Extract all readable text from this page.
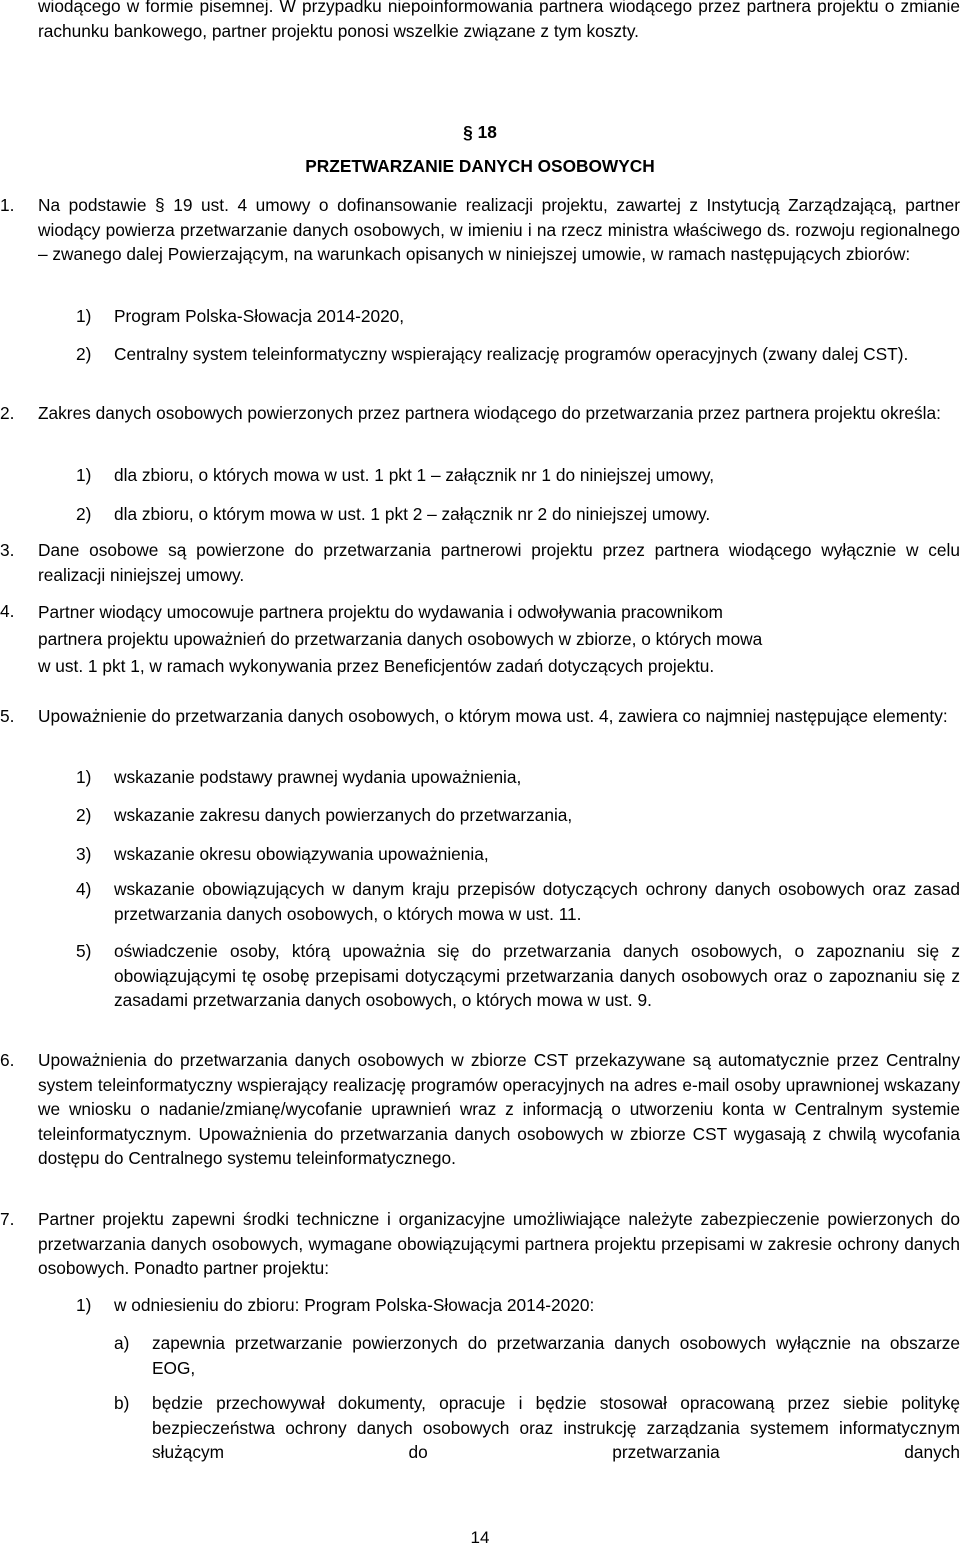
wiodącego w formie pisemnej. W przypadku niepoinformowania partnera wiodącego przez partnera projektu o zmianie rachunku bankowego, partner projektu ponosi wszelkie związane z tym koszty.
§ 18
PRZETWARZANIE DANYCH OSOBOWYCH
1.	Na podstawie § 19 ust. 4 umowy o dofinansowanie realizacji projektu, zawartej z Instytucją Zarządzającą, partner wiodący powierza przetwarzanie danych osobowych, w imieniu i na rzecz ministra właściwego ds. rozwoju regionalnego – zwanego dalej Powierzającym, na warunkach opisanych w niniejszej umowie, w ramach następujących zbiorów:
1)	Program Polska-Słowacja 2014-2020,
2)	Centralny system teleinformatyczny wspierający realizację programów operacyjnych (zwany dalej CST).
2.	Zakres danych osobowych powierzonych przez partnera wiodącego do przetwarzania przez partnera projektu określa:
1)	dla zbioru, o których mowa w ust. 1 pkt 1 – załącznik nr 1 do niniejszej umowy,
2)	dla zbioru, o którym mowa w ust. 1 pkt 2 – załącznik nr 2 do niniejszej umowy.
3.	Dane osobowe są powierzone do przetwarzania partnerowi projektu przez partnera wiodącego wyłącznie w celu realizacji niniejszej umowy.
4.	Partner wiodący umocowuje partnera projektu do wydawania i odwoływania pracownikom
partnera projektu upoważnień do przetwarzania danych osobowych w zbiorze, o których mowa
w ust. 1 pkt 1, w ramach wykonywania przez Beneficjentów zadań dotyczących projektu.
5.	Upoważnienie do przetwarzania danych osobowych, o którym mowa ust. 4, zawiera co najmniej następujące elementy:
1)	wskazanie podstawy prawnej wydania upoważnienia,
2)	wskazanie zakresu danych powierzanych do przetwarzania,
3)	wskazanie okresu obowiązywania upoważnienia,
4)	wskazanie obowiązujących w danym kraju przepisów dotyczących ochrony danych osobowych oraz zasad przetwarzania danych osobowych, o których mowa w ust. 11.
5)	oświadczenie osoby, którą upoważnia się do przetwarzania danych osobowych, o zapoznaniu się z obowiązującymi tę osobę przepisami dotyczącymi przetwarzania danych osobowych oraz o zapoznaniu się z zasadami przetwarzania danych osobowych, o których mowa w ust. 9.
6.	Upoważnienia do przetwarzania danych osobowych w zbiorze CST przekazywane są automatycznie przez Centralny system teleinformatyczny wspierający realizację programów operacyjnych na adres e-mail osoby uprawnionej wskazany we wniosku o nadanie/zmianę/wycofanie uprawnień wraz z informacją o utworzeniu konta w Centralnym systemie teleinformatycznym. Upoważnienia do przetwarzania danych osobowych w zbiorze CST wygasają z chwilą wycofania dostępu do Centralnego systemu teleinformatycznego.
7.	Partner projektu zapewni środki techniczne i organizacyjne umożliwiające należyte zabezpieczenie powierzonych do przetwarzania danych osobowych, wymagane obowiązującymi partnera projektu przepisami w zakresie ochrony danych osobowych. Ponadto partner projektu:
1)	w odniesieniu do zbioru: Program Polska-Słowacja 2014-2020:
a)	zapewnia przetwarzanie powierzonych do przetwarzania danych osobowych wyłącznie na obszarze EOG,
b)	będzie przechowywał dokumenty, opracuje i będzie stosował opracowaną przez siebie politykę bezpieczeństwa ochrony danych osobowych oraz instrukcję zarządzania systemem informatycznym służącym do przetwarzania danych
14
